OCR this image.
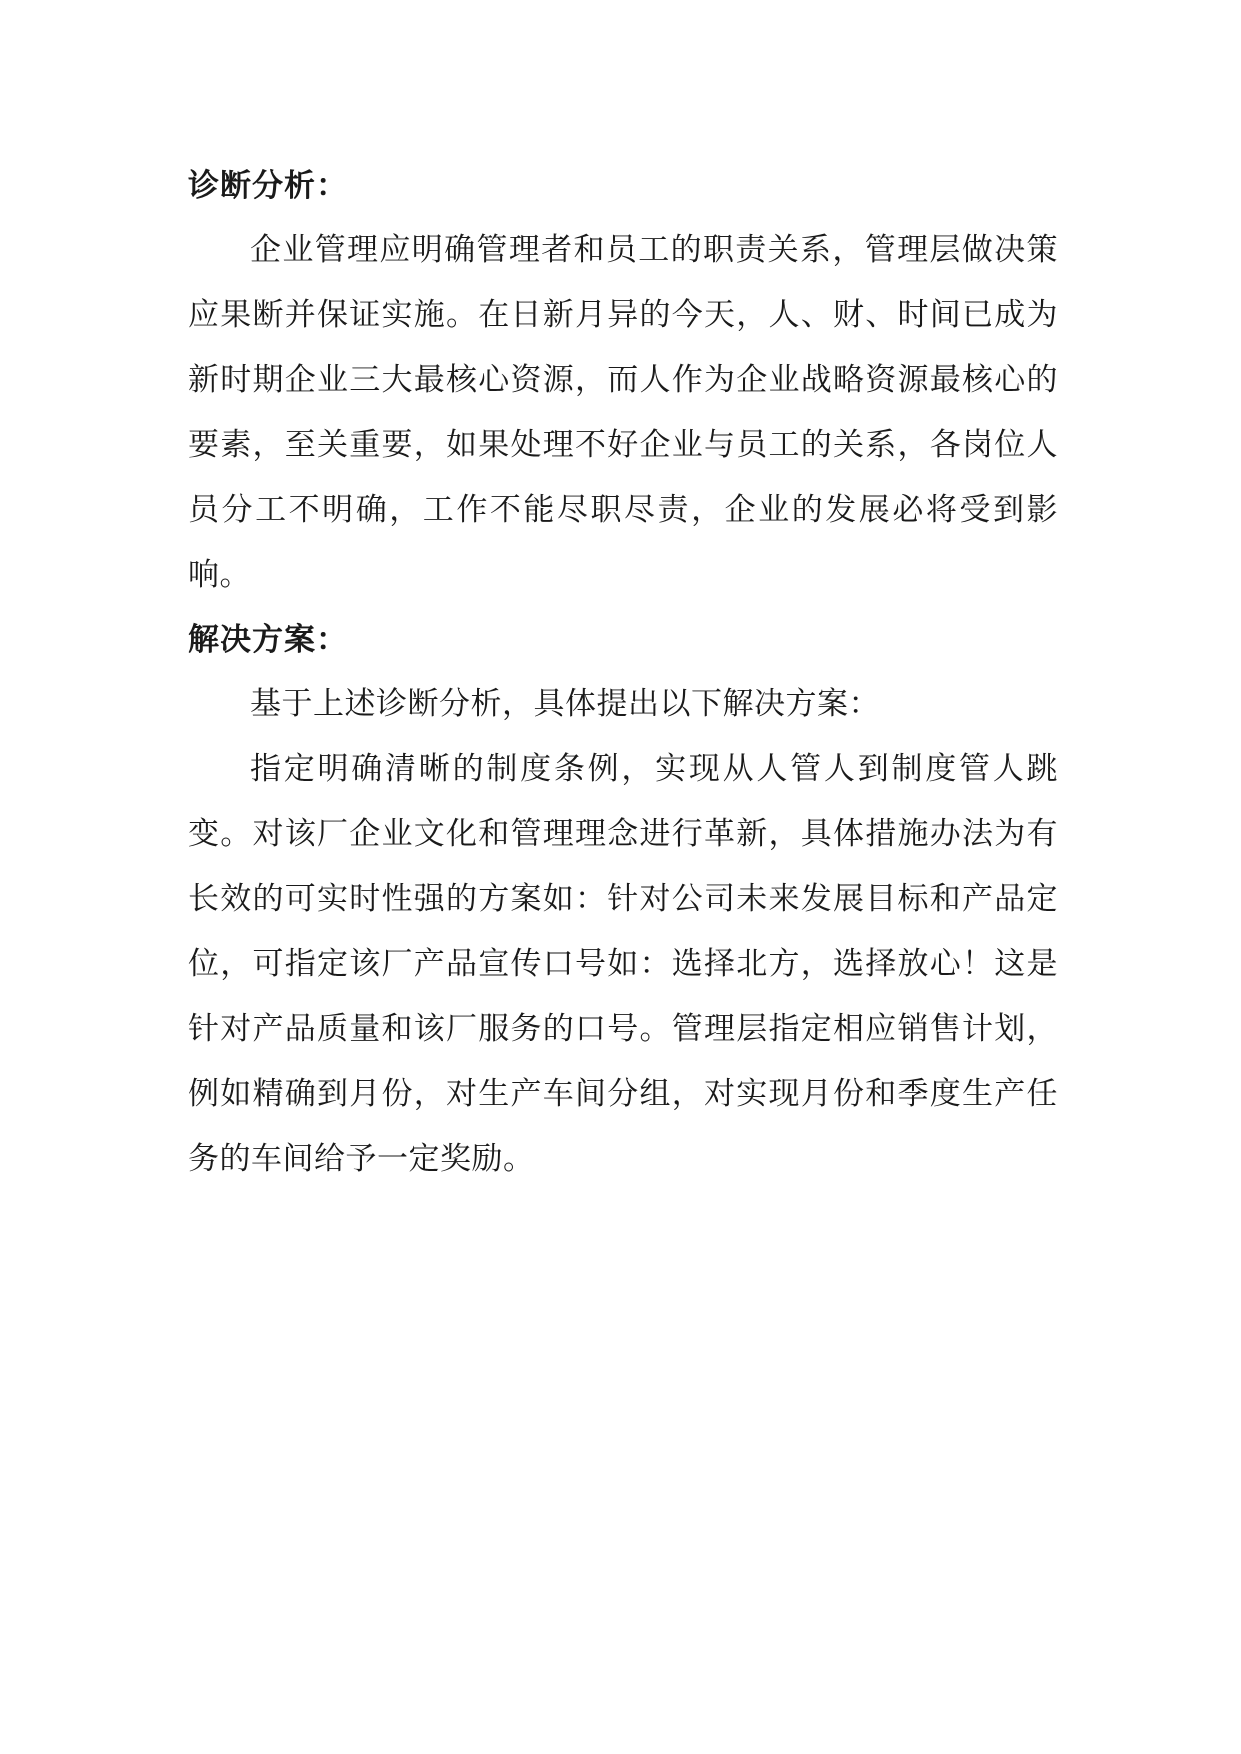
诊断分析：

企业管理应明确管理者和员工的职责关系，管理层做决策应果断并保证实施。在日新月异的今天，人、财、时间已成为新时期企业三大最核心资源，而人作为企业战略资源最核心的要素，至关重要，如果处理不好企业与员工的关系，各岗位人员分工不明确，工作不能尽职尽责，企业的发展必将受到影响。

解决方案：

基于上述诊断分析，具体提出以下解决方案：

指定明确清晰的制度条例，实现从人管人到制度管人跳变。对该厂企业文化和管理理念进行革新，具体措施办法为有长效的可实时性强的方案如：针对公司未来发展目标和产品定位，可指定该厂产品宣传口号如：选择北方，选择放心！这是针对产品质量和该厂服务的口号。管理层指定相应销售计划，例如精确到月份，对生产车间分组，对实现月份和季度生产任务的车间给予一定奖励。
